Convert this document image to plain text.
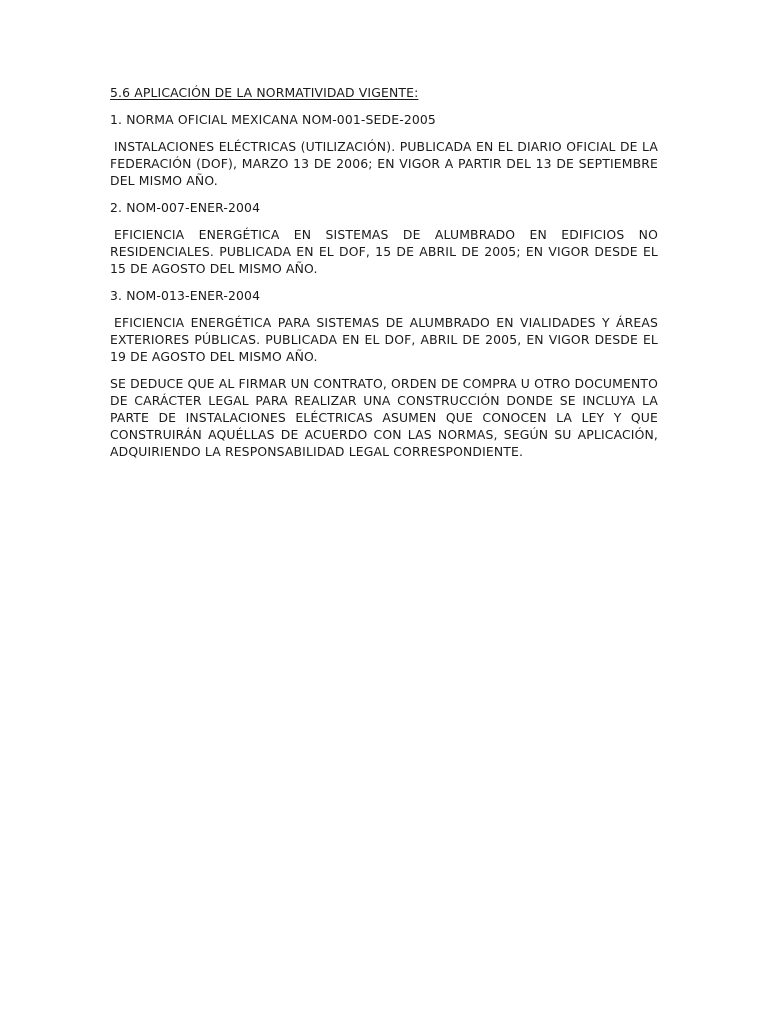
5.6 APLICACIÓN DE LA NORMATIVIDAD VIGENTE:

1. NORMA OFICIAL MEXICANA NOM-001-SEDE-2005

INSTALACIONES ELÉCTRICAS (UTILIZACIÓN). PUBLICADA EN EL DIARIO OFICIAL DE LA FEDERACIÓN (DOF), MARZO 13 DE 2006; EN VIGOR A PARTIR DEL 13 DE SEPTIEMBRE DEL MISMO AÑO.

2. NOM-007-ENER-2004

EFICIENCIA ENERGÉTICA EN SISTEMAS DE ALUMBRADO EN EDIFICIOS NO RESIDENCIALES. PUBLICADA EN EL DOF, 15 DE ABRIL DE 2005; EN VIGOR DESDE EL 15 DE AGOSTO DEL MISMO AÑO.

3. NOM-013-ENER-2004

EFICIENCIA ENERGÉTICA PARA SISTEMAS DE ALUMBRADO EN VIALIDADES Y ÁREAS EXTERIORES PÚBLICAS. PUBLICADA EN EL DOF, ABRIL DE 2005, EN VIGOR DESDE EL 19 DE AGOSTO DEL MISMO AÑO.

SE DEDUCE QUE AL FIRMAR UN CONTRATO, ORDEN DE COMPRA U OTRO DOCUMENTO DE CARÁCTER LEGAL PARA REALIZAR UNA CONSTRUCCIÓN DONDE SE INCLUYA LA PARTE DE INSTALACIONES ELÉCTRICAS ASUMEN QUE CONOCEN LA LEY Y QUE CONSTRUIRÁN AQUÉLLAS DE ACUERDO CON LAS NORMAS, SEGÚN SU APLICACIÓN, ADQUIRIENDO LA RESPONSABILIDAD LEGAL CORRESPONDIENTE.
